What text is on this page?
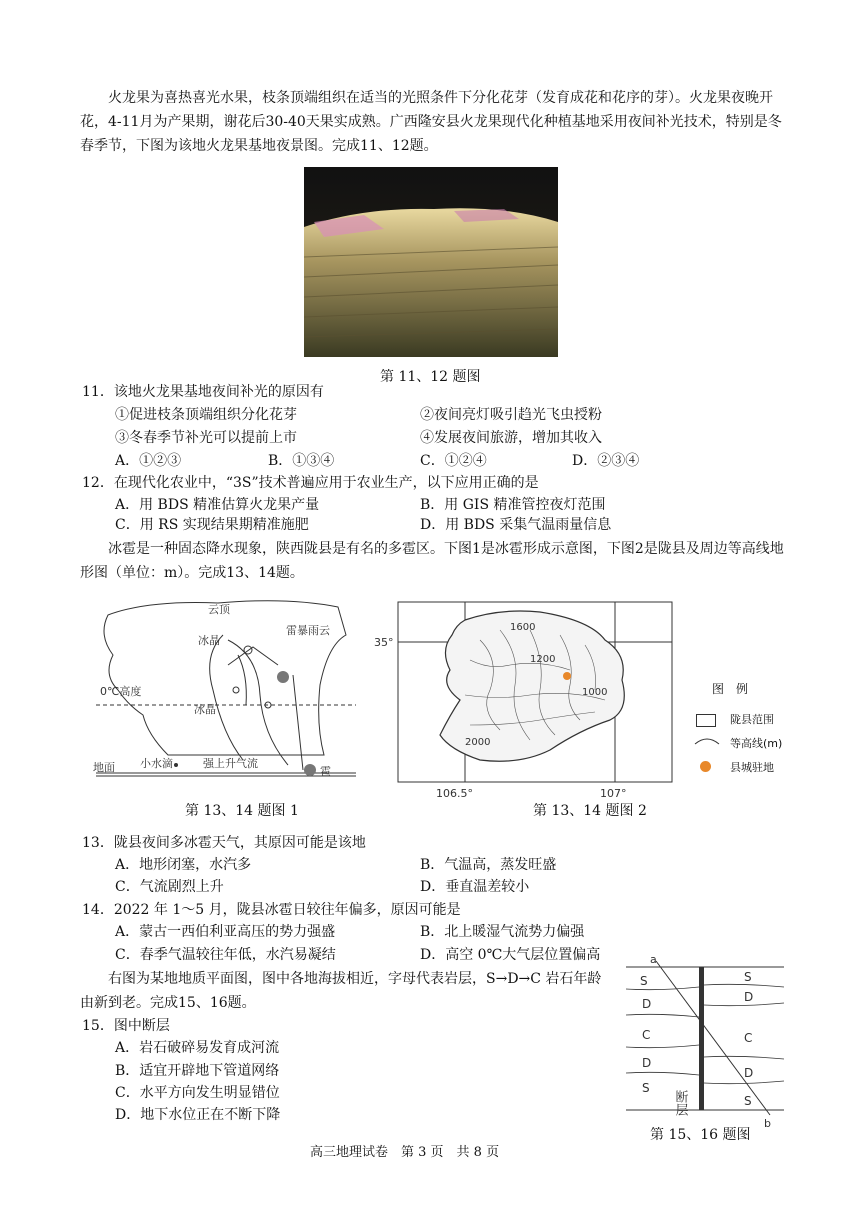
火龙果为喜热喜光水果，枝条顶端组织在适当的光照条件下分化花芽（发育成花和花序的芽）。火龙果夜晚开花，4-11月为产果期，谢花后30-40天果实成熟。广西隆安县火龙果现代化种植基地采用夜间补光技术，特别是冬春季节，下图为该地火龙果基地夜景图。完成11、12题。
第 11、12 题图
11．该地火龙果基地夜间补光的原因有
①促进枝条顶端组织分化花芽	②夜间亮灯吸引趋光飞虫授粉
③冬春季节补光可以提前上市	④发展夜间旅游，增加其收入
A．①②③	B．①③④	C．①②④	D．②③④
12．在现代化农业中，“3S”技术普遍应用于农业生产，以下应用正确的是
A．用 BDS 精准估算火龙果产量	B．用 GIS 精准管控夜灯范围
C．用 RS 实现结果期精准施肥	D．用 BDS 采集气温雨量信息
冰雹是一种固态降水现象，陕西陇县是有名的多雹区。下图1是冰雹形成示意图，下图2是陇县及周边等高线地形图（单位：m）。完成13、14题。
云顶
雷暴雨云
冰晶
0℃高度
冰晶
地面 小水滴	强上升气流
雹
第 13、14 题图 1
35°
1600
1200
1000
2000
106.5°	107°
第 13、14 题图 2
图　例
陇县范围
等高线(m)
县城驻地
13．陇县夜间多冰雹天气，其原因可能是该地
A．地形闭塞，水汽多	B．气温高，蒸发旺盛
C．气流剧烈上升	D．垂直温差较小
14．2022 年 1～5 月，陇县冰雹日较往年偏多，原因可能是
A．蒙古一西伯利亚高压的势力强盛	B．北上暖湿气流势力偏强
C．春季气温较往年低，水汽易凝结	D．高空 0℃大气层位置偏高
右图为某地地质平面图，图中各地海拔相近，字母代表岩层，S→D→C 岩石年龄由新到老。完成15、16题。
15．图中断层
A．岩石破碎易发育成河流
B．适宜开辟地下管道网络
C．水平方向发生明显错位
D．地下水位正在不断下降
a
b
S
D
C
D
S
S
D
C
D
S
断层
第 15、16 题图
高三地理试卷　第 3 页　共 8 页
